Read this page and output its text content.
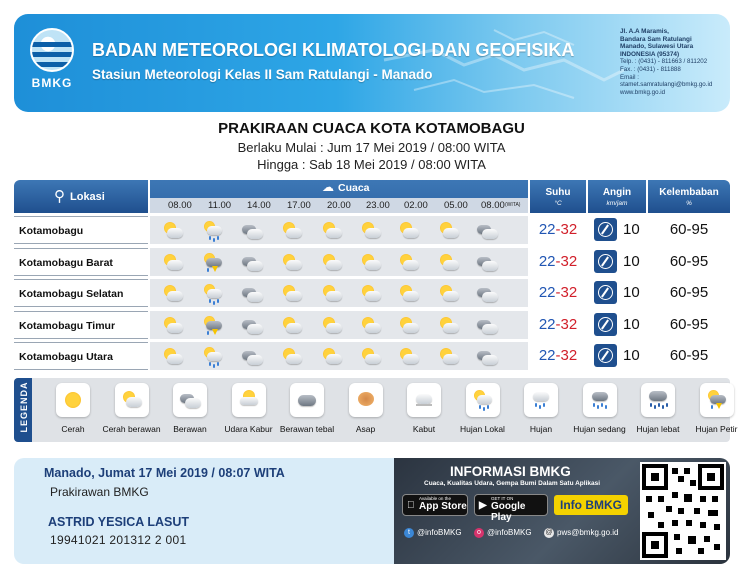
BMKG
BADAN METEOROLOGI KLIMATOLOGI DAN GEOFISIKA
Stasiun Meteorologi Kelas II Sam Ratulangi - Manado
Jl. A.A Maramis,
Bandara Sam Ratulangi
Manado, Sulawesi Utara
INDONESIA (95374)
Telp. : (0431) - 811663 / 811202
Fax. : (0431) - 811888
Email :
stamet.samratulangi@bmkg.go.id
www.bmkg.go.id
PRAKIRAAN CUACA KOTA KOTAMOBAGU
Berlaku Mulai : Jum 17 Mei 2019 / 08:00 WITA
Hingga : Sab 18 Mei 2019 / 08:00 WITA
⚲ Lokasi
☁ Cuaca
08.00 11.00 14.00 17.00 20.00 23.00 02.00 05.00 08.00 (WITA)
Suhu
°C
Angin
km/jam
Kelembaban
%
Kotamobagu	22-32	10	60-95
Kotamobagu Barat	22-32	10	60-95
Kotamobagu Selatan	22-32	10	60-95
Kotamobagu Timur	22-32	10	60-95
Kotamobagu Utara	22-32	10	60-95
LEGENDA	Cerah	Cerah berawan	Berawan	Udara Kabur Berawan tebal	Asap	Kabut	Hujan Lokal	Hujan	Hujan sedang	Hujan lebat	Hujan Petir
Manado, Jumat 17 Mei 2019 / 08:07 WITA
Prakirawan BMKG
ASTRID YESICA LASUT
19941021 201312 2 001
INFORMASI BMKG
Cuaca, Kualitas Udara, Gempa Bumi Dalam Satu Aplikasi
Available on the
App Store ▶
GET IT ON
Google Play
Info BMKG
t @infoBMKG	o @infoBMKG @ pws@bmkg.go.id
